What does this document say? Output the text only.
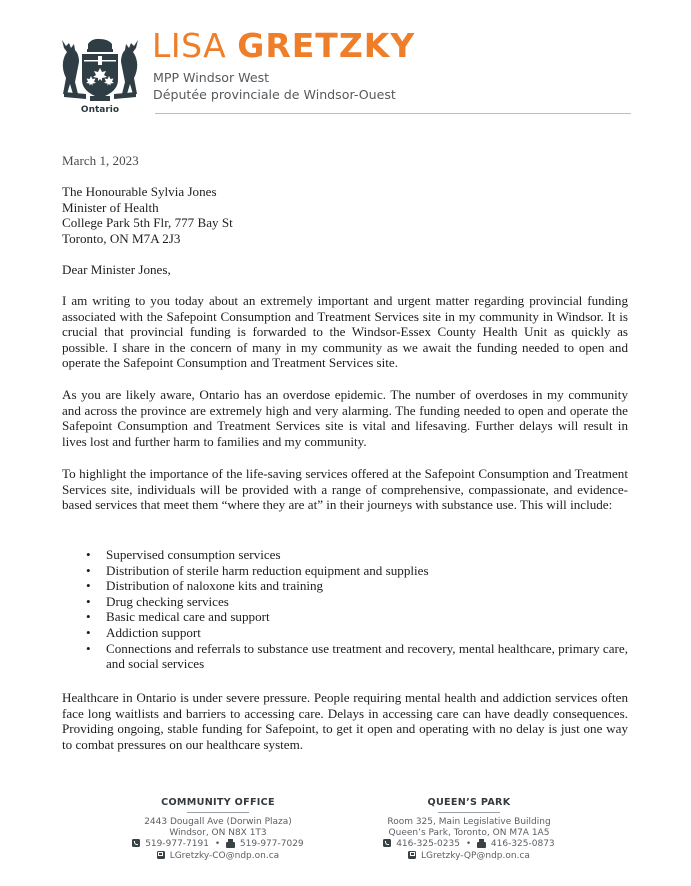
Ontario
LISA GRETZKY
MPP Windsor West
Députée provinciale de Windsor-Ouest
March 1, 2023
The Honourable Sylvia Jones
Minister of Health
College Park 5th Flr, 777 Bay St
Toronto, ON M7A 2J3
Dear Minister Jones,
I am writing to you today about an extremely important and urgent matter regarding provincial funding associated with the Safepoint Consumption and Treatment Services site in my community in Windsor. It is crucial that provincial funding is forwarded to the Windsor-Essex County Health Unit as quickly as possible. I share in the concern of many in my community as we await the funding needed to open and operate the Safepoint Consumption and Treatment Services site.
As you are likely aware, Ontario has an overdose epidemic. The number of overdoses in my community and across the province are extremely high and very alarming. The funding needed to open and operate the Safepoint Consumption and Treatment Services site is vital and lifesaving. Further delays will result in lives lost and further harm to families and my community.
To highlight the importance of the life-saving services offered at the Safepoint Consumption and Treatment Services site, individuals will be provided with a range of comprehensive, compassionate, and evidence-based services that meet them “where they are at” in their journeys with substance use. This will include:
• Supervised consumption services
• Distribution of sterile harm reduction equipment and supplies
• Distribution of naloxone kits and training
• Drug checking services
• Basic medical care and support
• Addiction support
• Connections and referrals to substance use treatment and recovery, mental healthcare, primary care, and social services
Healthcare in Ontario is under severe pressure. People requiring mental health and addiction services often face long waitlists and barriers to accessing care. Delays in accessing care can have deadly consequences. Providing ongoing, stable funding for Safepoint, to get it open and operating with no delay is just one way to combat pressures on our healthcare system.
COMMUNITY OFFICE
2443 Dougall Ave (Dorwin Plaza)
Windsor, ON N8X 1T3
519-977-7191 • 519-977-7029
LGretzky-CO@ndp.on.ca
QUEEN’S PARK
Room 325, Main Legislative Building
Queen’s Park, Toronto, ON M7A 1A5
416-325-0235 • 416-325-0873
LGretzky-QP@ndp.on.ca
